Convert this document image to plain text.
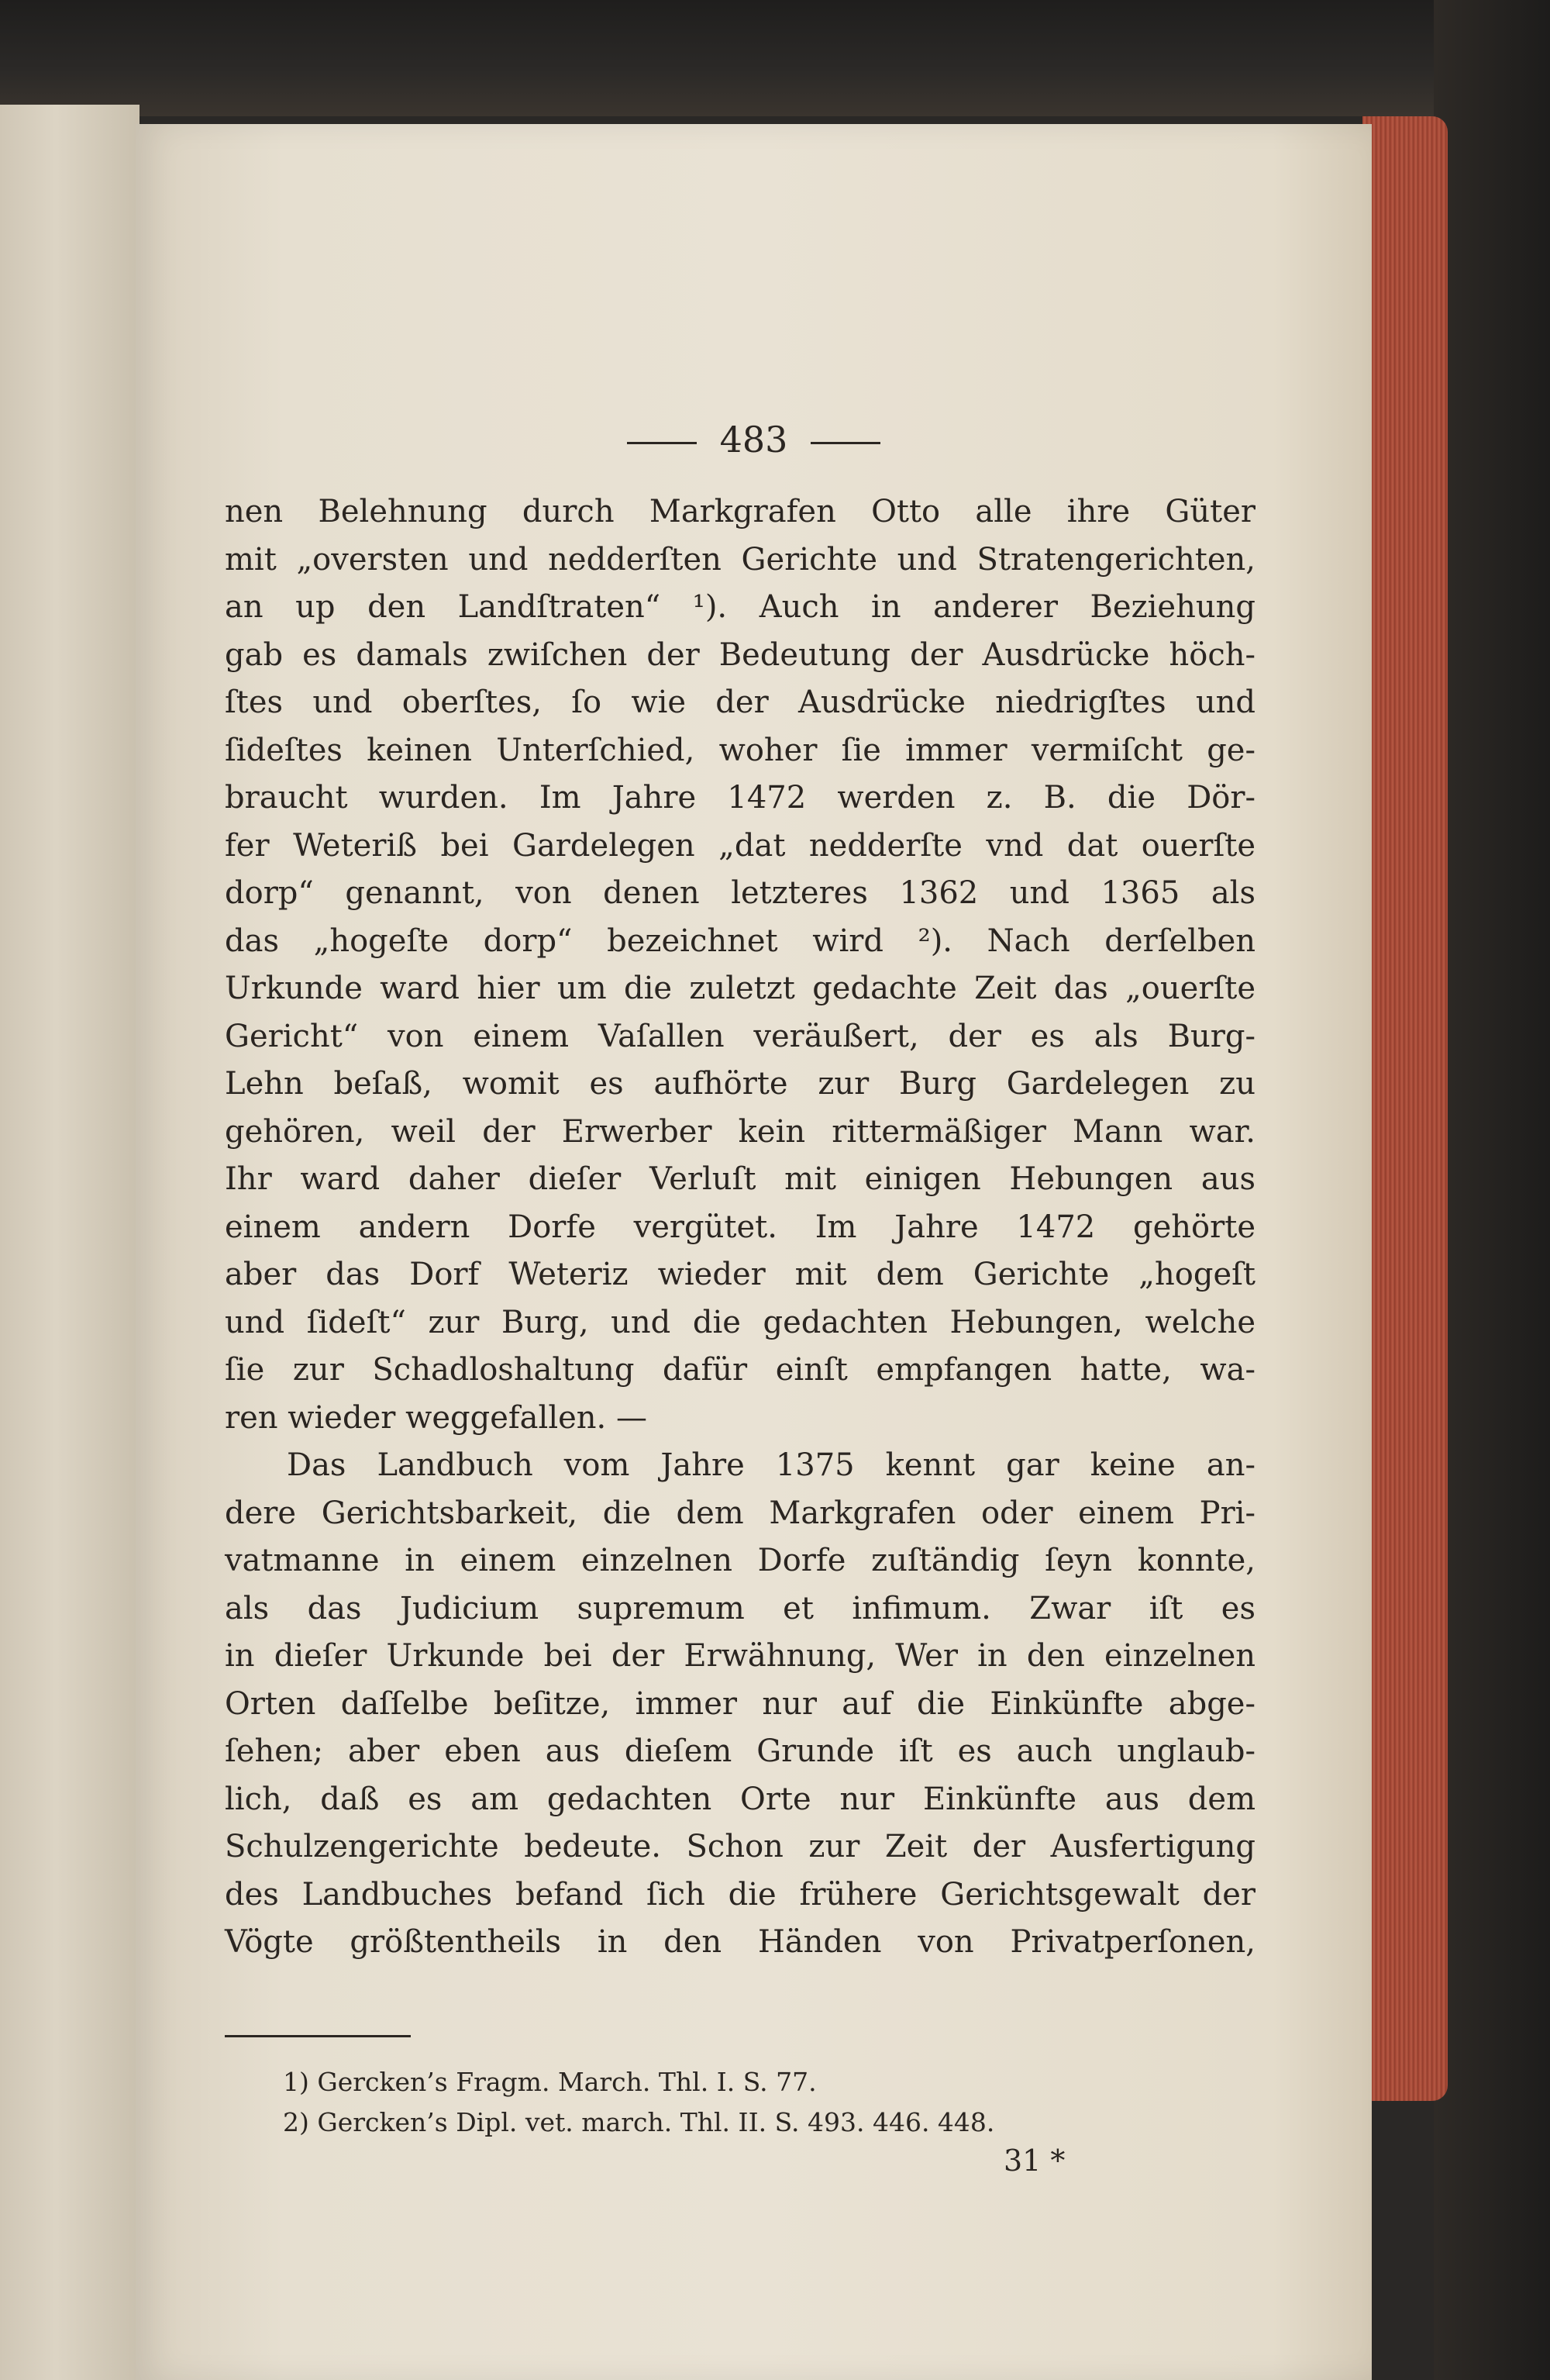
483
nen Belehnung durch Markgrafen Otto alle ihre Güter
mit „oversten und nedderſten Gerichte und Stratengerichten,
an up den Landſtraten“ ¹). Auch in anderer Beziehung
gab es damals zwiſchen der Bedeutung der Ausdrücke höch-
ſtes und oberſtes, ſo wie der Ausdrücke niedrigſtes und
ſideſtes keinen Unterſchied, woher ſie immer vermiſcht ge-
braucht wurden. Im Jahre 1472 werden z. B. die Dör-
fer Weteriß bei Gardelegen „dat nedderſte vnd dat ouerſte
dorp“ genannt, von denen letzteres 1362 und 1365 als
das „hogeſte dorp“ bezeichnet wird ²). Nach derſelben
Urkunde ward hier um die zuletzt gedachte Zeit das „ouerſte
Gericht“ von einem Vaſallen veräußert, der es als Burg-
Lehn beſaß, womit es aufhörte zur Burg Gardelegen zu
gehören, weil der Erwerber kein rittermäßiger Mann war.
Ihr ward daher dieſer Verluſt mit einigen Hebungen aus
einem andern Dorfe vergütet. Im Jahre 1472 gehörte
aber das Dorf Weteriz wieder mit dem Gerichte „hogeſt
und ſideſt“ zur Burg, und die gedachten Hebungen, welche
ſie zur Schadloshaltung dafür einſt empfangen hatte, wa-
ren wieder weggefallen. —
Das Landbuch vom Jahre 1375 kennt gar keine an-
dere Gerichtsbarkeit, die dem Markgrafen oder einem Pri-
vatmanne in einem einzelnen Dorfe zuſtändig ſeyn konnte,
als das Judicium supremum et infimum. Zwar iſt es
in dieſer Urkunde bei der Erwähnung, Wer in den einzelnen
Orten daſſelbe beſitze, immer nur auf die Einkünfte abge-
ſehen; aber eben aus dieſem Grunde iſt es auch unglaub-
lich, daß es am gedachten Orte nur Einkünfte aus dem
Schulzengerichte bedeute. Schon zur Zeit der Ausfertigung
des Landbuches befand ſich die frühere Gerichtsgewalt der
Vögte größtentheils in den Händen von Privatperſonen,
1) Gercken’s Fragm. March. Thl. I. S. 77.
2) Gercken’s Dipl. vet. march. Thl. II. S. 493. 446. 448.
31 *
